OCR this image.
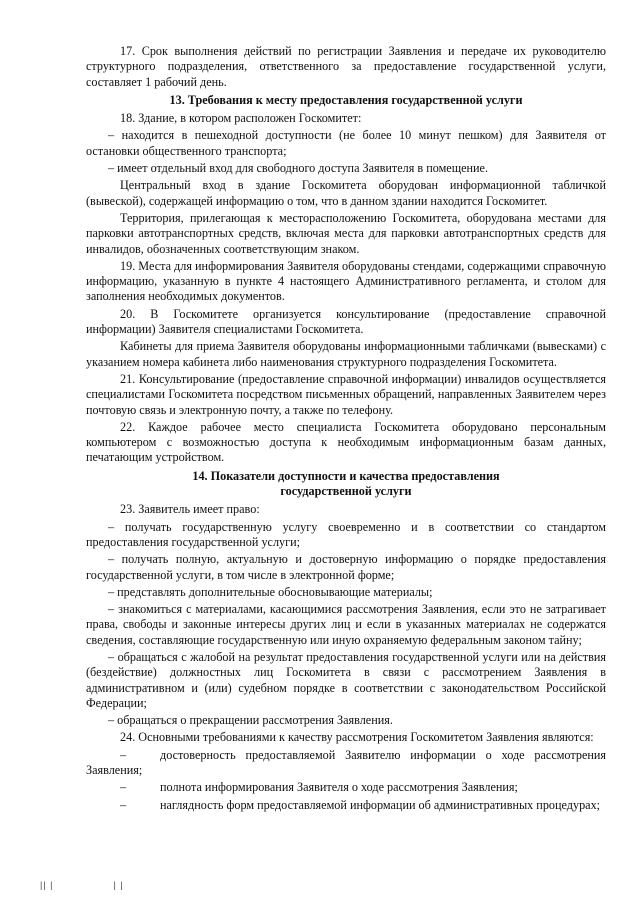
17. Срок выполнения действий по регистрации Заявления и передаче их руководителю структурного подразделения, ответственного за предоставление государственной услуги, составляет 1 рабочий день.

13. Требования к месту предоставления государственной услуги

18. Здание, в котором расположен Госкомитет:

– находится в пешеходной доступности (не более 10 минут пешком) для Заявителя от остановки общественного транспорта;

– имеет отдельный вход для свободного доступа Заявителя в помещение.

Центральный вход в здание Госкомитета оборудован информационной табличкой (вывеской), содержащей информацию о том, что в данном здании находится Госкомитет.

Территория, прилегающая к месторасположению Госкомитета, оборудована местами для парковки автотранспортных средств, включая места для парковки автотранспортных средств для инвалидов, обозначенных соответствующим знаком.

19. Места для информирования Заявителя оборудованы стендами, содержащими справочную информацию, указанную в пункте 4 настоящего Административного регламента, и столом для заполнения необходимых документов.

20. В Госкомитете организуется консультирование (предоставление справочной информации) Заявителя специалистами Госкомитета.

Кабинеты для приема Заявителя оборудованы информационными табличками (вывесками) с указанием номера кабинета либо наименования структурного подразделения Госкомитета.

21. Консультирование (предоставление справочной информации) инвалидов осуществляется специалистами Госкомитета посредством письменных обращений, направленных Заявителем через почтовую связь и электронную почту, а также по телефону.

22. Каждое рабочее место специалиста Госкомитета оборудовано персональным компьютером с возможностью доступа к необходимым информационным базам данных, печатающим устройством.

14. Показатели доступности и качества предоставления
государственной услуги

23. Заявитель имеет право:

– получать государственную услугу своевременно и в соответствии со стандартом предоставления государственной услуги;

– получать полную, актуальную и достоверную информацию о порядке предоставления государственной услуги, в том числе в электронной форме;

– представлять дополнительные обосновывающие материалы;

– знакомиться с материалами, касающимися рассмотрения Заявления, если это не затрагивает права, свободы и законные интересы других лиц и если в указанных материалах не содержатся сведения, составляющие государственную или иную охраняемую федеральным законом тайну;

– обращаться с жалобой на результат предоставления государственной услуги или на действия (бездействие) должностных лиц Госкомитета в связи с рассмотрением Заявления в административном и (или) судебном порядке в соответствии с законодательством Российской Федерации;

– обращаться о прекращении рассмотрения Заявления.

24. Основными требованиями к качеству рассмотрения Госкомитетом Заявления являются:

–	достоверность предоставляемой Заявителю информации о ходе рассмотрения Заявления;

–	полнота информирования Заявителя о ходе рассмотрения Заявления;

–	наглядность форм предоставляемой информации об административных процедурах;

|| |	| |
